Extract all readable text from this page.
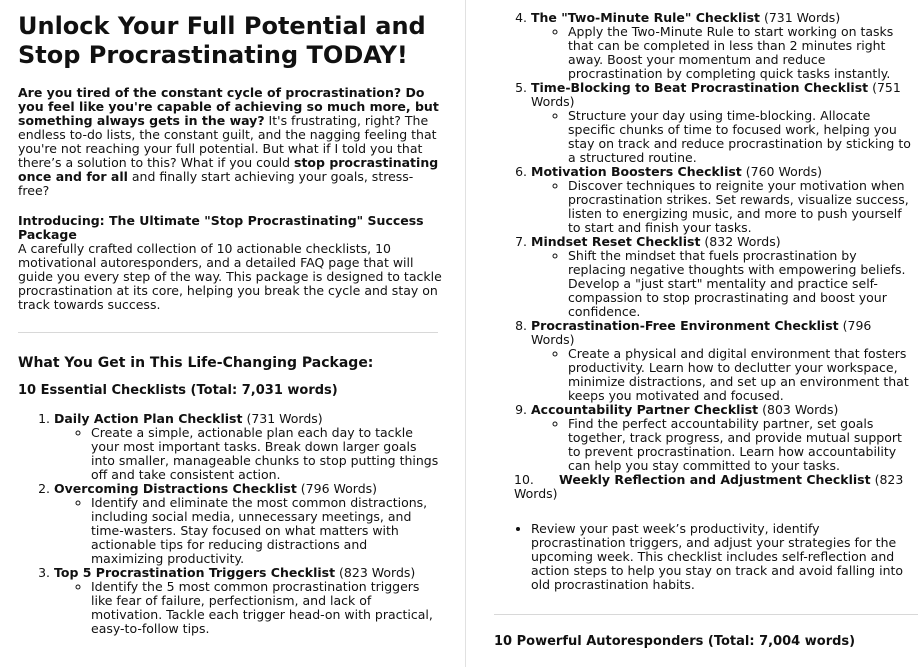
Unlock Your Full Potential and Stop Procrastinating TODAY!

Are you tired of the constant cycle of procrastination? Do you feel like you're capable of achieving so much more, but something always gets in the way? It's frustrating, right? The endless to-do lists, the constant guilt, and the nagging feeling that you're not reaching your full potential. But what if I told you that there’s a solution to this? What if you could stop procrastinating once and for all and finally start achieving your goals, stress-free?

Introducing: The Ultimate "Stop Procrastinating" Success Package

A carefully crafted collection of 10 actionable checklists, 10 motivational autoresponders, and a detailed FAQ page that will guide you every step of the way. This package is designed to tackle procrastination at its core, helping you break the cycle and stay on track towards success.

What You Get in This Life-Changing Package:
10 Essential Checklists (Total: 7,031 words)
1. Daily Action Plan Checklist (731 Words)
◦ Create a simple, actionable plan each day to tackle your most important tasks. Break down larger goals into smaller, manageable chunks to stop putting things off and take consistent action.
2. Overcoming Distractions Checklist (796 Words)
◦ Identify and eliminate the most common distractions, including social media, unnecessary meetings, and time-wasters. Stay focused on what matters with actionable tips for reducing distractions and maximizing productivity.
3. Top 5 Procrastination Triggers Checklist (823 Words)
◦ Identify the 5 most common procrastination triggers like fear of failure, perfectionism, and lack of motivation. Tackle each trigger head-on with practical, easy-to-follow tips.
4. The "Two-Minute Rule" Checklist (731 Words)
◦ Apply the Two-Minute Rule to start working on tasks that can be completed in less than 2 minutes right away. Boost your momentum and reduce procrastination by completing quick tasks instantly.
5. Time-Blocking to Beat Procrastination Checklist (751 Words)
◦ Structure your day using time-blocking. Allocate specific chunks of time to focused work, helping you stay on track and reduce procrastination by sticking to a structured routine.
6. Motivation Boosters Checklist (760 Words)
◦ Discover techniques to reignite your motivation when procrastination strikes. Set rewards, visualize success, listen to energizing music, and more to push yourself to start and finish your tasks.
7. Mindset Reset Checklist (832 Words)
◦ Shift the mindset that fuels procrastination by replacing negative thoughts with empowering beliefs. Develop a "just start" mentality and practice self-compassion to stop procrastinating and boost your confidence.
8. Procrastination-Free Environment Checklist (796 Words)
◦ Create a physical and digital environment that fosters productivity. Learn how to declutter your workspace, minimize distractions, and set up an environment that keeps you motivated and focused.
9. Accountability Partner Checklist (803 Words)
◦ Find the perfect accountability partner, set goals together, track progress, and provide mutual support to prevent procrastination. Learn how accountability can help you stay committed to your tasks.
10. Weekly Reflection and Adjustment Checklist (823 Words)
• Review your past week’s productivity, identify procrastination triggers, and adjust your strategies for the upcoming week. This checklist includes self-reflection and action steps to help you stay on track and avoid falling into old procrastination habits.
10 Powerful Autoresponders (Total: 7,004 words)
